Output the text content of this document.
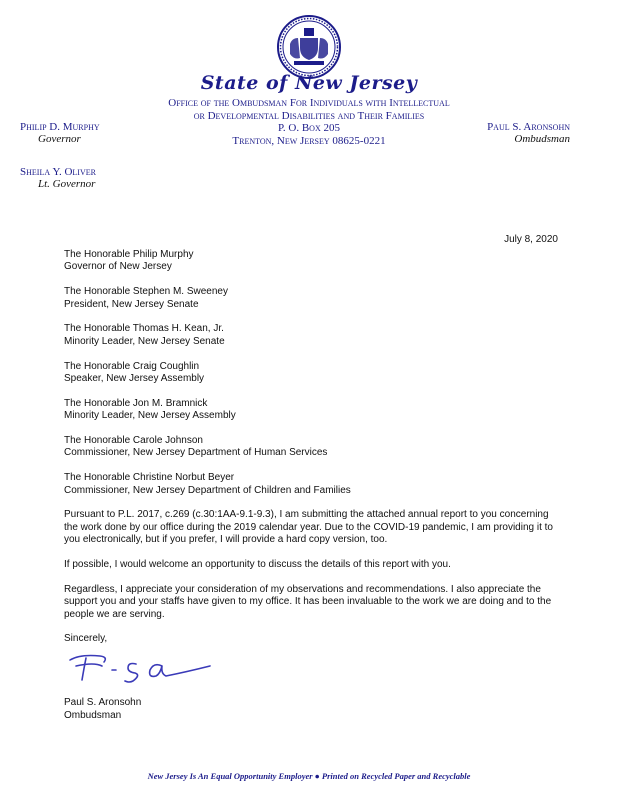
State of New Jersey
Office of the Ombudsman For Individuals with Intellectual
or Developmental Disabilities and Their Families
P. O. Box 205
Trenton, New Jersey 08625-0221
Philip D. Murphy
Governor
Paul S. Aronsohn
Ombudsman
Sheila Y. Oliver
Lt. Governor
July 8, 2020
The Honorable Philip Murphy
Governor of New Jersey
The Honorable Stephen M. Sweeney
President, New Jersey Senate
The Honorable Thomas H. Kean, Jr.
Minority Leader, New Jersey Senate
The Honorable Craig Coughlin
Speaker, New Jersey Assembly
The Honorable Jon M. Bramnick
Minority Leader, New Jersey Assembly
The Honorable Carole Johnson
Commissioner, New Jersey Department of Human Services
The Honorable Christine Norbut Beyer
Commissioner, New Jersey Department of Children and Families

Pursuant to P.L. 2017, c.269 (c.30:1AA-9.1-9.3), I am submitting the attached annual report to you concerning the work done by our office during the 2019 calendar year. Due to the COVID-19 pandemic, I am providing it to you electronically, but if you prefer, I will provide a hard copy version, too.

If possible, I would welcome an opportunity to discuss the details of this report with you.

Regardless, I appreciate your consideration of my observations and recommendations. I also appreciate the support you and your staffs have given to my office. It has been invaluable to the work we are doing and to the people we are serving.

Sincerely,

Paul S. Aronsohn
Ombudsman
New Jersey Is An Equal Opportunity Employer ● Printed on Recycled Paper and Recyclable
